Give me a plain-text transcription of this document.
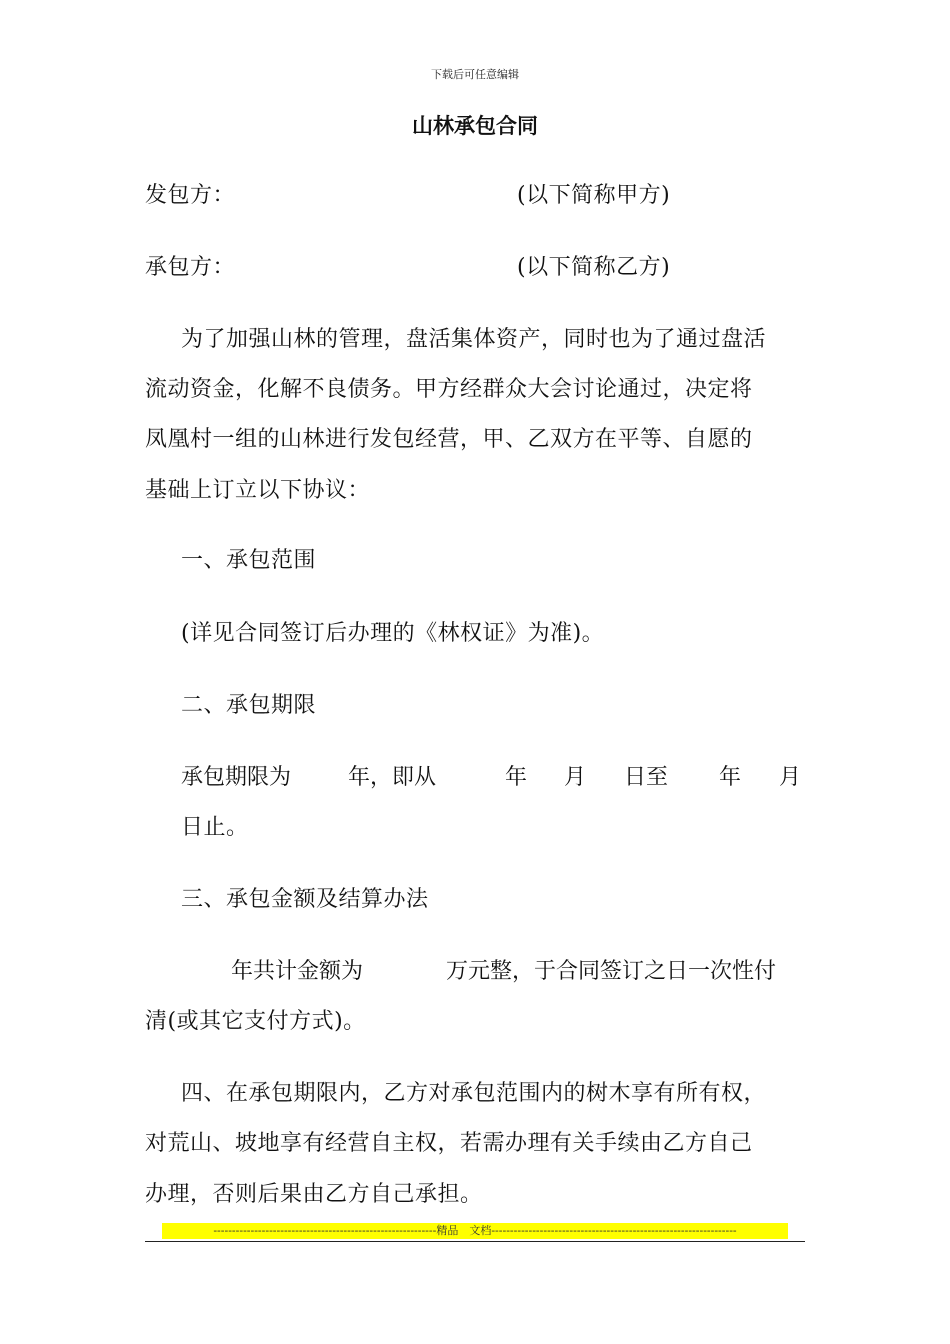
下载后可任意编辑
山林承包合同
发包方：	(以下简称甲方)
承包方：	(以下简称乙方)
为了加强山林的管理，盘活集体资产，同时也为了通过盘活
流动资金，化解不良债务。甲方经群众大会讨论通过，决定将
凤凰村一组的山林进行发包经营，甲、乙双方在平等、自愿的
基础上订立以下协议：
一、承包范围
(详见合同签订后办理的《林权证》为准)。
二、承包期限
承包期限为	年，即从	年 月 日至 年 月
日止。
三、承包金额及结算办法
年共计金额为	万元整，于合同签订之日一次性付
清(或其它支付方式)。
四、在承包期限内，乙方对承包范围内的树木享有所有权，
对荒山、坡地享有经营自主权，若需办理有关手续由乙方自己
办理，否则后果由乙方自己承担。
------------------------------------------------------------精品　文档------------------------------------------------------------------
